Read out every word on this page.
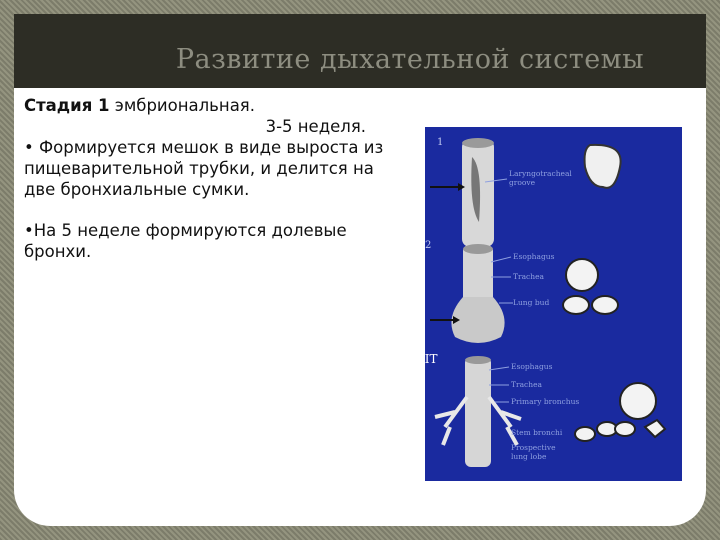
Развитие дыхательной системы

Стадия 1 эмбриональная.

3-5 неделя.

• Формируется мешок в виде выроста из пищеварительной трубки, и делится на две бронхиальные сумки.

•На 5 неделе формируются долевые бронхи.

1
2
Laryngotracheal groove
Esophagus
Trachea
Lung bud
Esophagus
Trachea
Primary bronchus
Stem bronchi
Prospective lung lobe
IIT
